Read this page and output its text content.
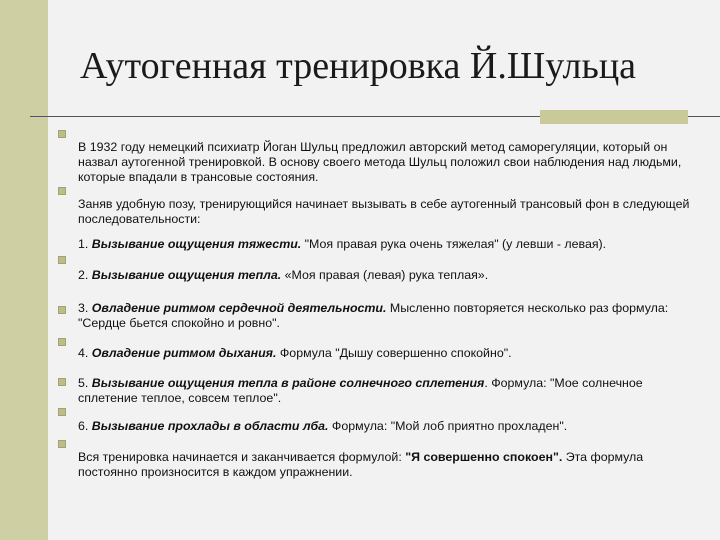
Аутогенная тренировка Й.Шульца
В 1932 году немецкий психиатр Йоган Шульц предложил авторский метод саморегуляции, который он назвал аутогенной тренировкой. В основу своего метода Шульц положил свои наблюдения над людьми, которые впадали в трансовые состояния.
Заняв удобную позу, тренирующийся начинает вызывать в себе аутогенный трансовый фон в следующей последовательности:
1. Вызывание ощущения тяжести. "Моя правая рука очень тяжелая" (у левши - левая).
2. Вызывание ощущения тепла. «Моя правая (левая) рука теплая».
3. Овладение ритмом сердечной деятельности. Мысленно повторяется несколько раз формула: "Сердце бьется спокойно и ровно".
4. Овладение ритмом дыхания. Формула "Дышу совершенно спокойно".
5. Вызывание ощущения тепла в районе солнечного сплетения. Формула: "Мое солнечное сплетение теплое, совсем теплое".
6. Вызывание прохлады в области лба. Формула: "Мой лоб приятно прохладен".
Вся тренировка начинается и заканчивается формулой: "Я совершенно спокоен". Эта формула постоянно произносится в каждом упражнении.
